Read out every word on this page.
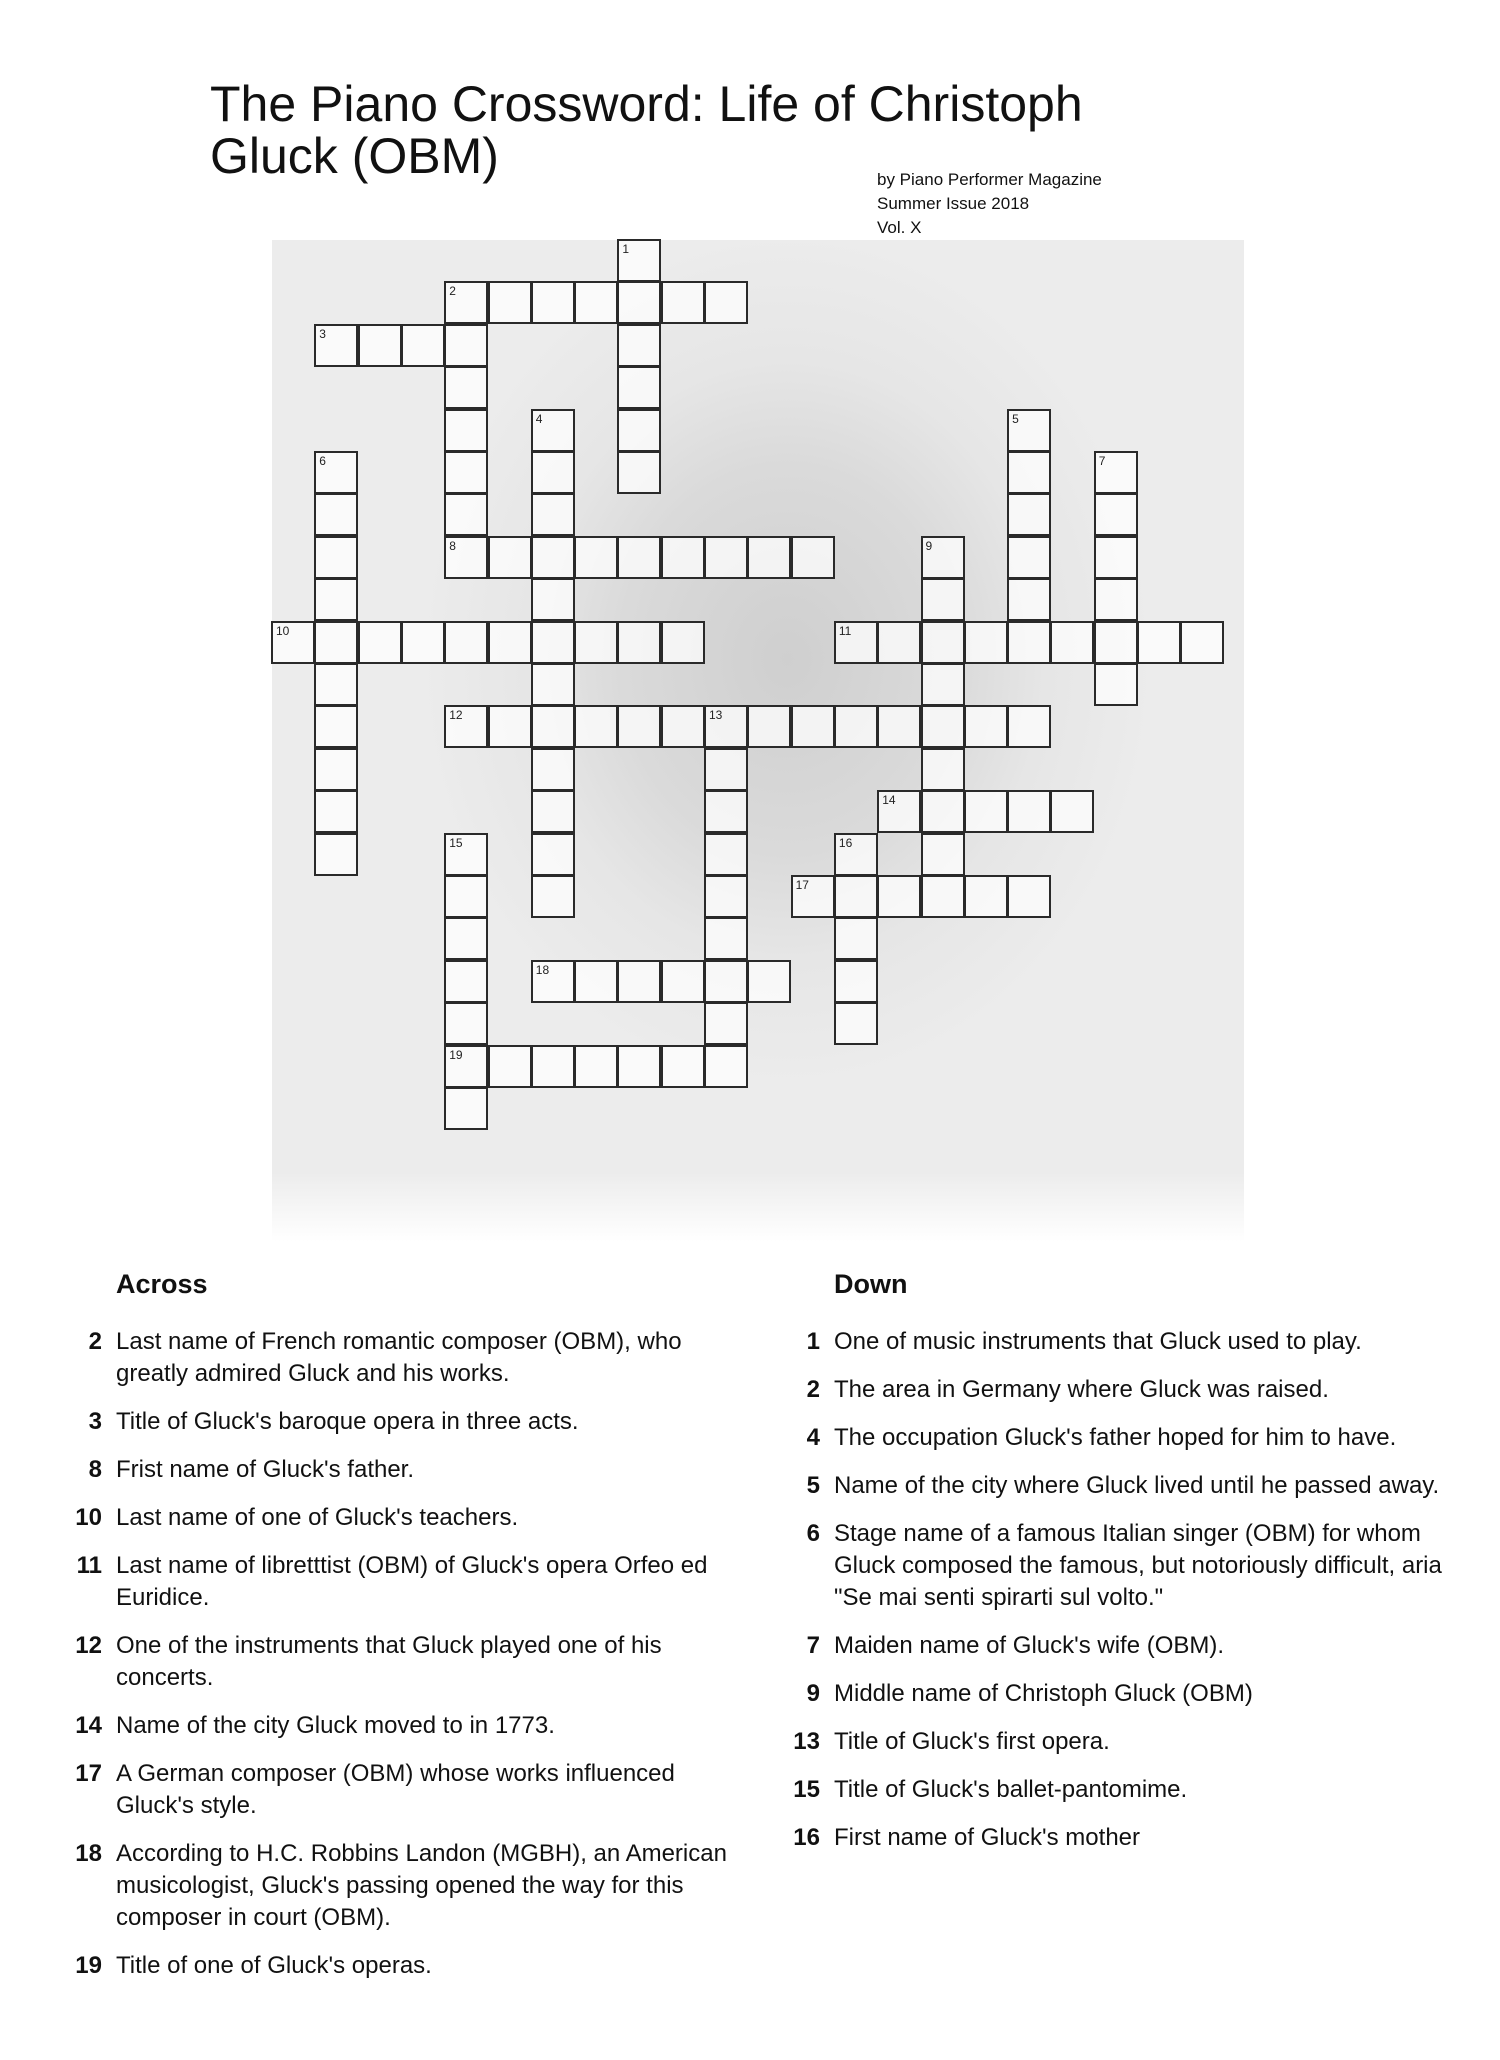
The Piano Crossword: Life of Christoph Gluck (OBM)	by Piano Performer Magazine
Summer Issue 2018
Vol. X
1
2
8
3
4	5
6	7
9
10	11
12	13
14
15
19
16
17
18
Across
2 Last name of French romantic composer (OBM), who greatly admired Gluck and his works.
3 Title of Gluck's baroque opera in three acts.
8 Frist name of Gluck's father.
10 Last name of one of Gluck's teachers.
11 Last name of libretttist (OBM) of Gluck's opera Orfeo ed Euridice.
12 One of the instruments that Gluck played one of his concerts.
14 Name of the city Gluck moved to in 1773.
17 A German composer (OBM) whose works influenced Gluck's style.
18 According to H.C. Robbins Landon (MGBH), an American musicologist, Gluck's passing opened the way for this composer in court (OBM).
19 Title of one of Gluck's operas.
Down
1 One of music instruments that Gluck used to play.
2 The area in Germany where Gluck was raised.
4 The occupation Gluck's father hoped for him to have.
5 Name of the city where Gluck lived until he passed away.
6 Stage name of a famous Italian singer (OBM) for whom Gluck composed the famous, but notoriously difficult, aria "Se mai senti spirarti sul volto."
7 Maiden name of Gluck's wife (OBM).
9 Middle name of Christoph Gluck (OBM)
13 Title of Gluck's first opera.
15 Title of Gluck's ballet-pantomime.
16 First name of Gluck's mother
